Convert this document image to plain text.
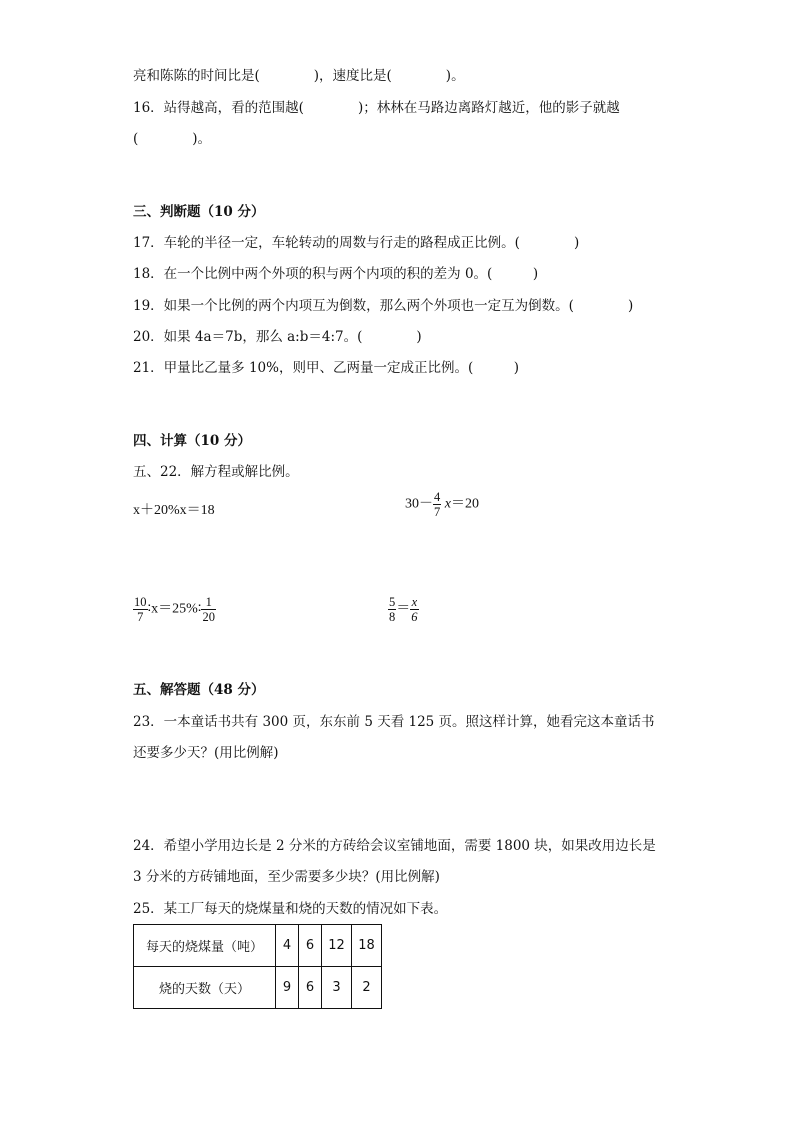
亮和陈陈的时间比是(　　　　)，速度比是(　　　　)。
16．站得越高，看的范围越(　　　　)；林林在马路边离路灯越近，他的影子就越
(　　　　)。
三、判断题（10 分）
17．车轮的半径一定，车轮转动的周数与行走的路程成正比例。(　　　　)
18．在一个比例中两个外项的积与两个内项的积的差为 0。(　　　)
19．如果一个比例的两个内项互为倒数，那么两个外项也一定互为倒数。(　　　　)
20．如果 4a＝7b，那么 a:b＝4:7。(　　　　)
21．甲量比乙量多 10%，则甲、乙两量一定成正比例。(　　　)
四、计算（10 分）
五、22．解方程或解比例。
x＋20%x＝18	$30- \frac{4}{7} x=20$
$\frac{10}{7}$ ∶x＝25%∶ $\frac{1}{20}$	$\frac{5}{8} = \frac{x}{6}$
五、解答题（48 分）
23．一本童话书共有 300 页，东东前 5 天看 125 页。照这样计算，她看完这本童话书
还要多少天？(用比例解)
24．希望小学用边长是 2 分米的方砖给会议室铺地面，需要 1800 块，如果改用边长是
3 分米的方砖铺地面，至少需要多少块？(用比例解)
25．某工厂每天的烧煤量和烧的天数的情况如下表。
每天的烧煤量（吨）	4	6	12	18
烧的天数（天）	9	6	3	2
